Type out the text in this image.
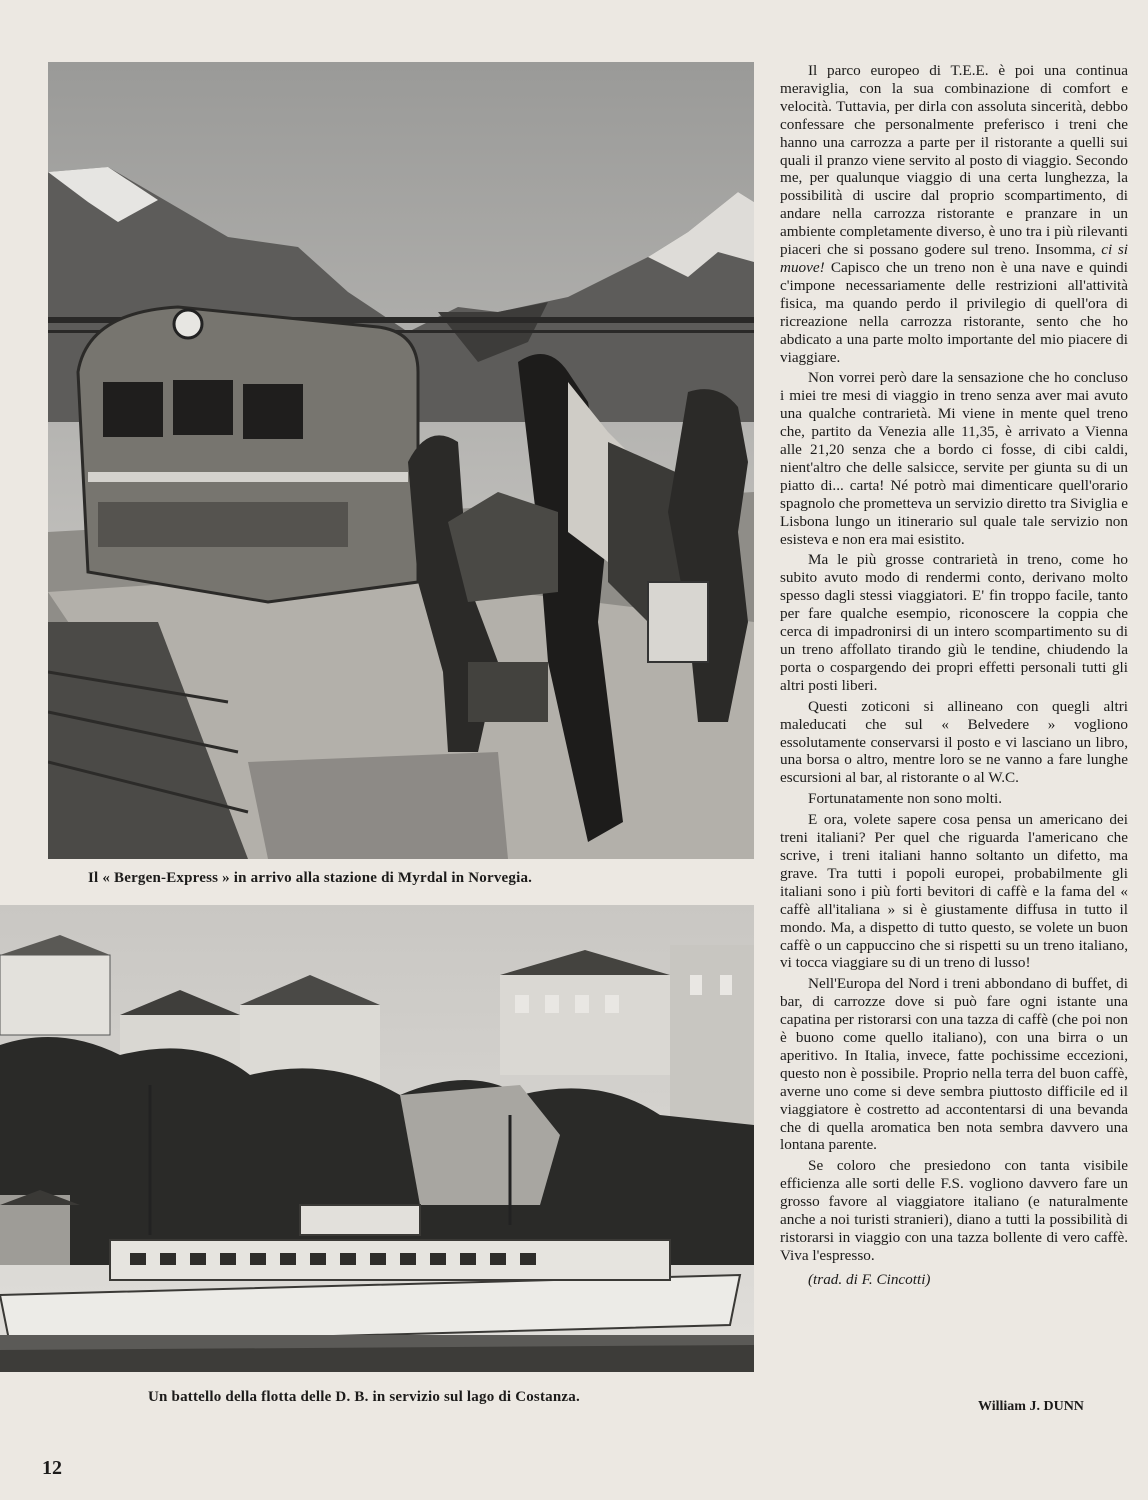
Il « Bergen-Express » in arrivo alla stazione di Myrdal in Norvegia.
Un battello della flotta delle D. B. in servizio sul lago di Costanza.

Il parco europeo di T.E.E. è poi una continua meraviglia, con la sua combinazione di comfort e velocità. Tuttavia, per dirla con assoluta sincerità, debbo confessare che personalmente preferisco i treni che hanno una carrozza a parte per il ristorante a quelli sui quali il pranzo viene servito al posto di viaggio. Secondo me, per qualunque viaggio di una certa lunghezza, la possibilità di uscire dal proprio scompartimento, di andare nella carrozza ristorante e pranzare in un ambiente completamente diverso, è uno tra i più rilevanti piaceri che si possano godere sul treno. Insomma, ci si muove! Capisco che un treno non è una nave e quindi c'impone necessariamente delle restrizioni all'attività fisica, ma quando perdo il privilegio di quell'ora di ricreazione nella carrozza ristorante, sento che ho abdicato a una parte molto importante del mio piacere di viaggiare.

Non vorrei però dare la sensazione che ho concluso i miei tre mesi di viaggio in treno senza aver mai avuto una qualche contrarietà. Mi viene in mente quel treno che, partito da Venezia alle 11,35, è arrivato a Vienna alle 21,20 senza che a bordo ci fosse, di cibi caldi, nient'altro che delle salsicce, servite per giunta su di un piatto di... carta! Né potrò mai dimenticare quell'orario spagnolo che prometteva un servizio diretto tra Siviglia e Lisbona lungo un itinerario sul quale tale servizio non esisteva e non era mai esistito.

Ma le più grosse contrarietà in treno, come ho subito avuto modo di rendermi conto, derivano molto spesso dagli stessi viaggiatori. E' fin troppo facile, tanto per fare qualche esempio, riconoscere la coppia che cerca di impadronirsi di un intero scompartimento su di un treno affollato tirando giù le tendine, chiudendo la porta o cospargendo dei propri effetti personali tutti gli altri posti liberi.

Questi zoticoni si allineano con quegli altri maleducati che sul « Belvedere » vogliono essolutamente conservarsi il posto e vi lasciano un libro, una borsa o altro, mentre loro se ne vanno a fare lunghe escursioni al bar, al ristorante o al W.C.

Fortunatamente non sono molti.

E ora, volete sapere cosa pensa un americano dei treni italiani? Per quel che riguarda l'americano che scrive, i treni italiani hanno soltanto un difetto, ma grave. Tra tutti i popoli europei, probabilmente gli italiani sono i più forti bevitori di caffè e la fama del « caffè all'italiana » si è giustamente diffusa in tutto il mondo. Ma, a dispetto di tutto questo, se volete un buon caffè o un cappuccino che si rispetti su un treno italiano, vi tocca viaggiare su di un treno di lusso!

Nell'Europa del Nord i treni abbondano di buffet, di bar, di carrozze dove si può fare ogni istante una capatina per ristorarsi con una tazza di caffè (che poi non è buono come quello italiano), con una birra o un aperitivo. In Italia, invece, fatte pochissime eccezioni, questo non è possibile. Proprio nella terra del buon caffè, averne uno come si deve sembra piuttosto difficile ed il viaggiatore è costretto ad accontentarsi di una bevanda che di quella aromatica ben nota sembra davvero una lontana parente.

Se coloro che presiedono con tanta visibile efficienza alle sorti delle F.S. vogliono davvero fare un grosso favore al viaggiatore italiano (e naturalmente anche a noi turisti stranieri), diano a tutti la possibilità di ristorarsi in viaggio con una tazza bollente di vero caffè. Viva l'espresso.

(trad. di F. Cincotti)

William J. DUNN
12
